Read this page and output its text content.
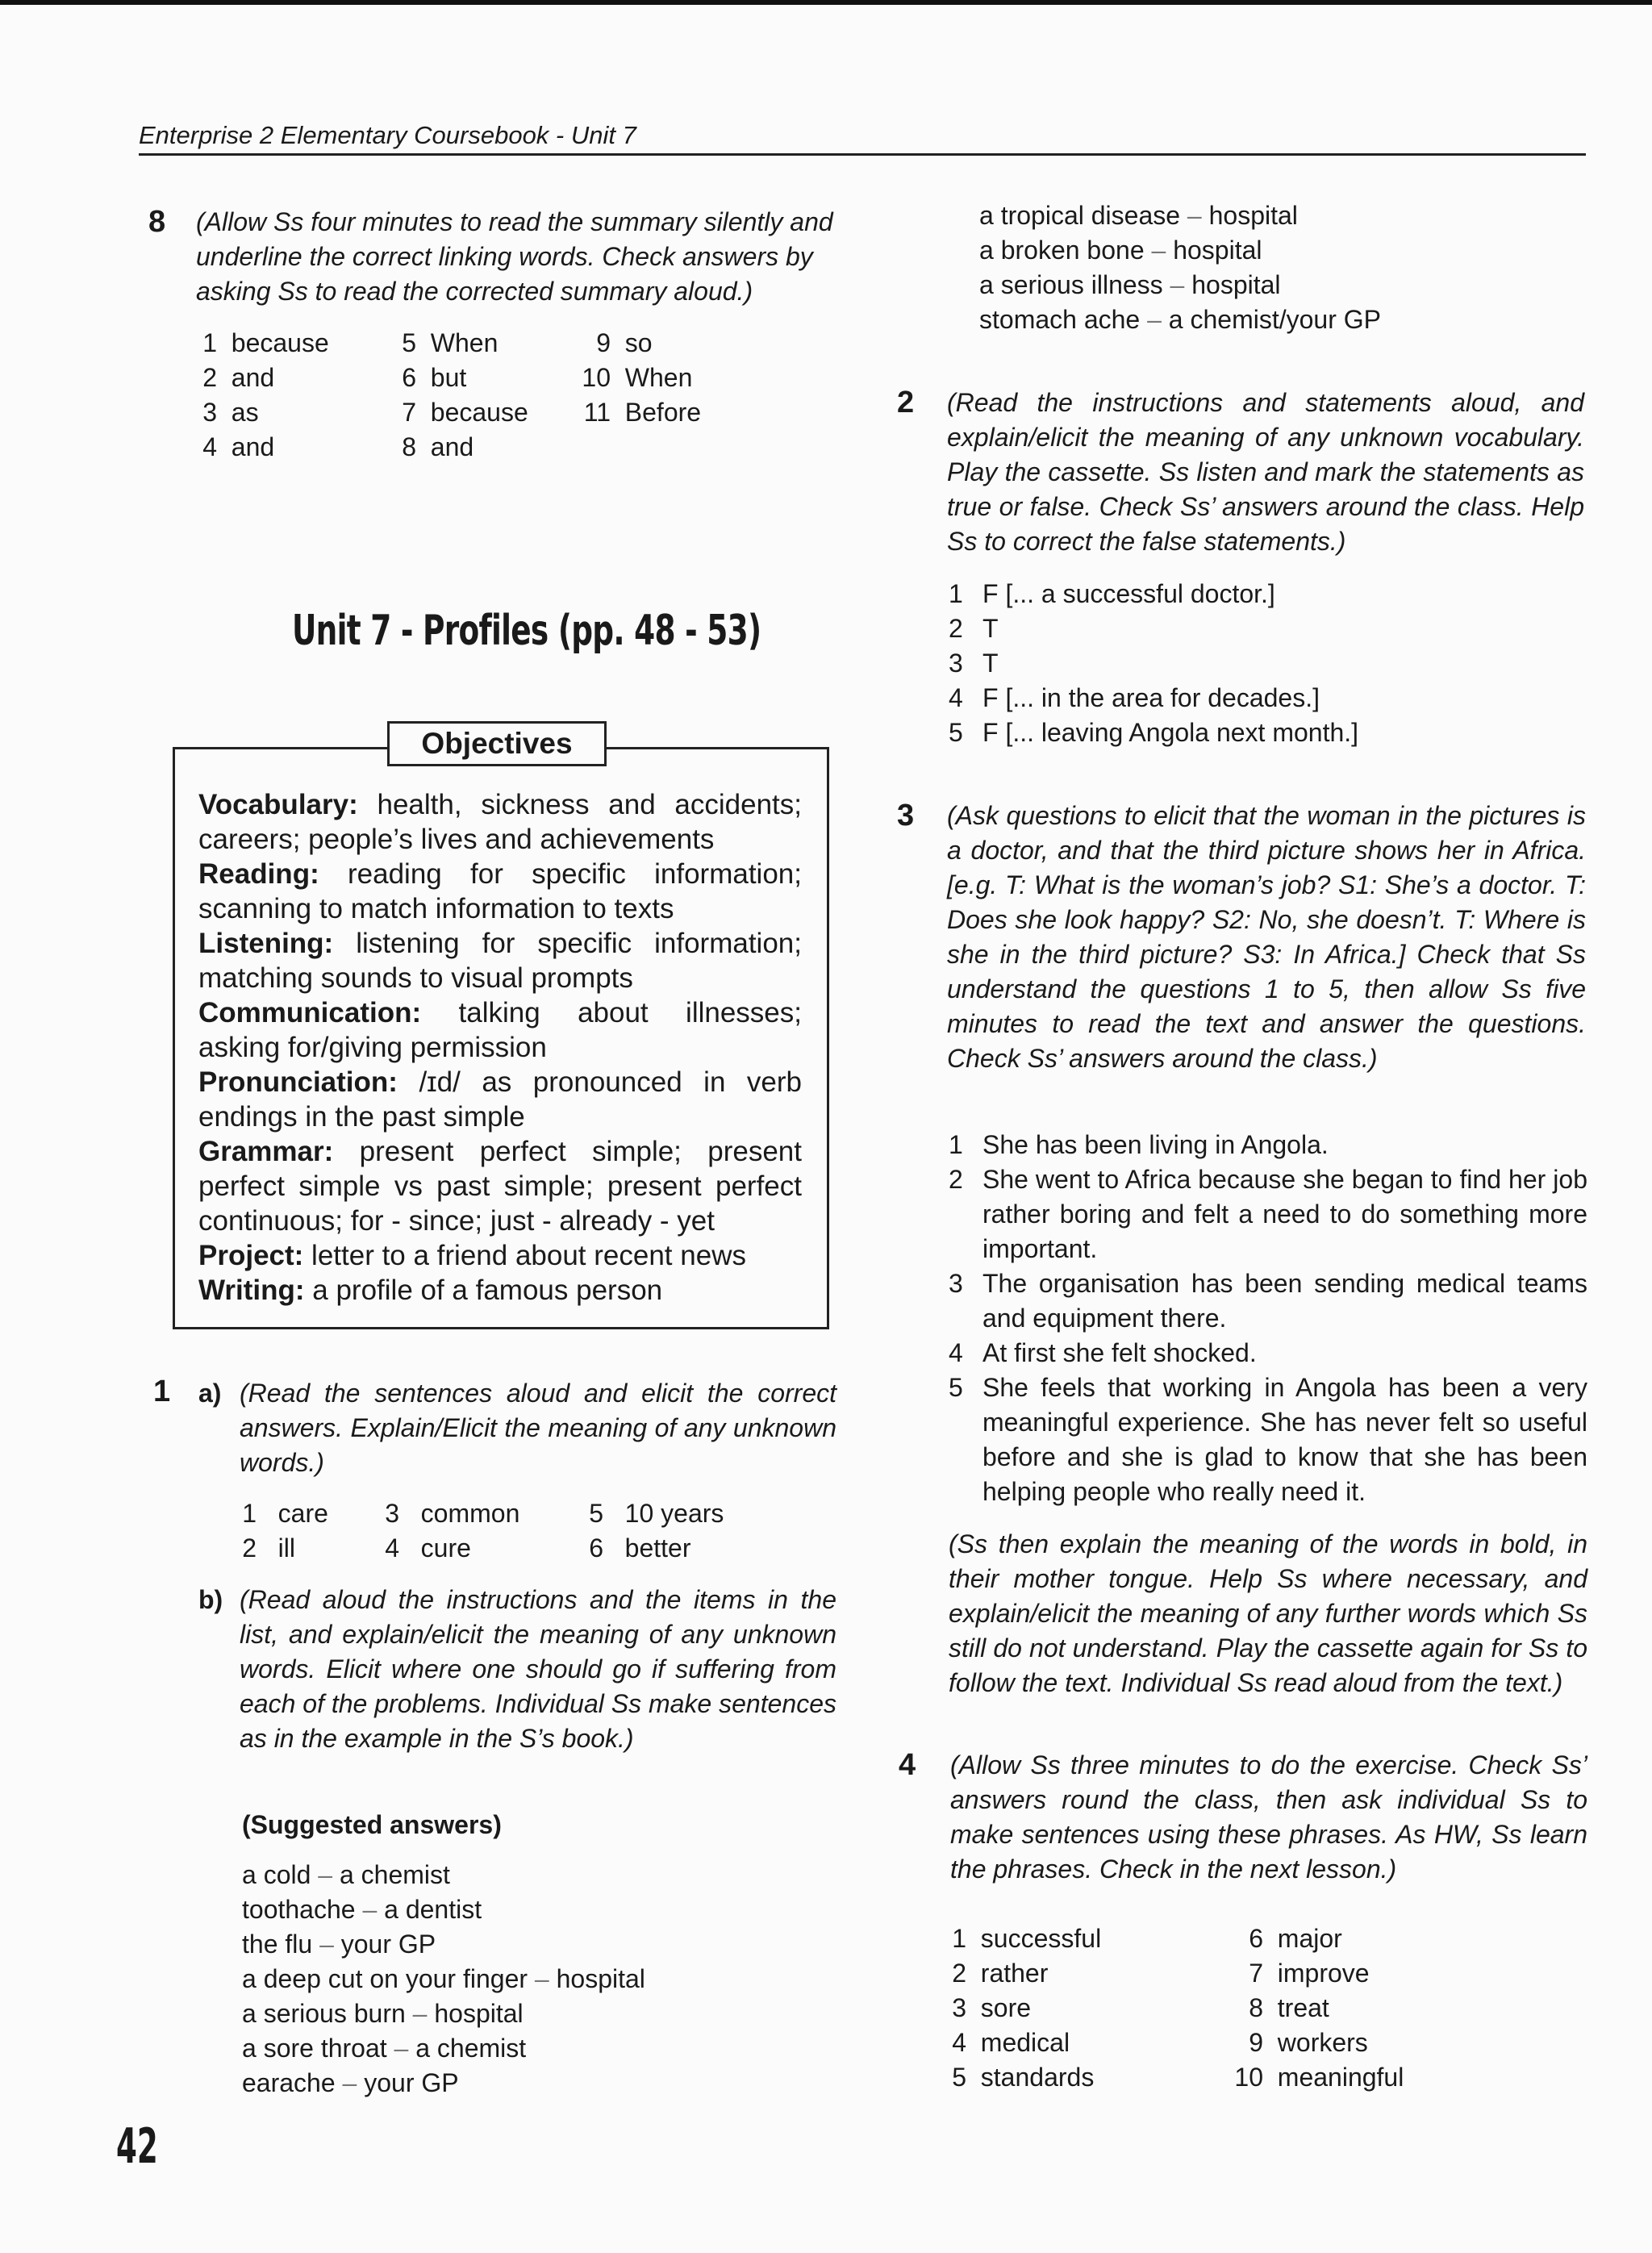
Enterprise 2 Elementary Coursebook - Unit 7
8 (Allow Ss four minutes to read the summary silently and underline the correct linking words. Check answers by asking Ss to read the corrected summary aloud.)
1 because
2 and
3 as
4 and
5 When
6 but
7 because
8 and
9 so
10 When
11 Before
Unit 7 - Profiles (pp. 48 - 53)
Objectives

Vocabulary: health, sickness and accidents; careers; people’s lives and achievements

Reading: reading for specific information; scanning to match information to texts

Listening: listening for specific information; matching sounds to visual prompts

Communication: talking about illnesses; asking for/giving permission

Pronunciation: /ɪd/ as pronounced in verb endings in the past simple

Grammar: present perfect simple; present perfect simple vs past simple; present perfect continuous; for - since; just - already - yet

Project: letter to a friend about recent news

Writing: a profile of a famous person

1 a) (Read the sentences aloud and elicit the correct answers. Explain/Elicit the meaning of any unknown words.)
1 care
2 ill
3 common
4 cure
5 10 years
6 better
b) (Read aloud the instructions and the items in the list, and explain/elicit the meaning of any unknown words. Elicit where one should go if suffering from each of the problems. Individual Ss make sentences as in the example in the S’s book.)
(Suggested answers)
a cold – a chemist
toothache – a dentist
the flu – your GP
a deep cut on your finger – hospital
a serious burn – hospital
a sore throat – a chemist
earache – your GP
a tropical disease – hospital
a broken bone – hospital
a serious illness – hospital
stomach ache – a chemist/your GP
2 (Read the instructions and statements aloud, and explain/elicit the meaning of any unknown vocabulary. Play the cassette. Ss listen and mark the statements as true or false. Check Ss’ answers around the class. Help Ss to correct the false statements.)
1 F [... a successful doctor.]
2 T
3 T
4 F [... in the area for decades.]
5 F [... leaving Angola next month.]
3 (Ask questions to elicit that the woman in the pictures is a doctor, and that the third picture shows her in Africa. [e.g. T: What is the woman’s job? S1: She’s a doctor. T: Does she look happy? S2: No, she doesn’t. T: Where is she in the third picture? S3: In Africa.] Check that Ss understand the questions 1 to 5, then allow Ss five minutes to read the text and answer the questions. Check Ss’ answers around the class.)
1 She has been living in Angola.
2 She went to Africa because she began to find her job rather boring and felt a need to do something more important.
3 The organisation has been sending medical teams and equipment there.
4 At first she felt shocked.
5 She feels that working in Angola has been a very meaningful experience. She has never felt so useful before and she is glad to know that she has been helping people who really need it.
(Ss then explain the meaning of the words in bold, in their mother tongue. Help Ss where necessary, and explain/elicit the meaning of any further words which Ss still do not understand. Play the cassette again for Ss to follow the text. Individual Ss read aloud from the text.)
4 (Allow Ss three minutes to do the exercise. Check Ss’ answers round the class, then ask individual Ss to make sentences using these phrases. As HW, Ss learn the phrases. Check in the next lesson.)
1 successful
2 rather
3 sore
4 medical
5 standards
6 major
7 improve
8 treat
9 workers
10 meaningful
42
